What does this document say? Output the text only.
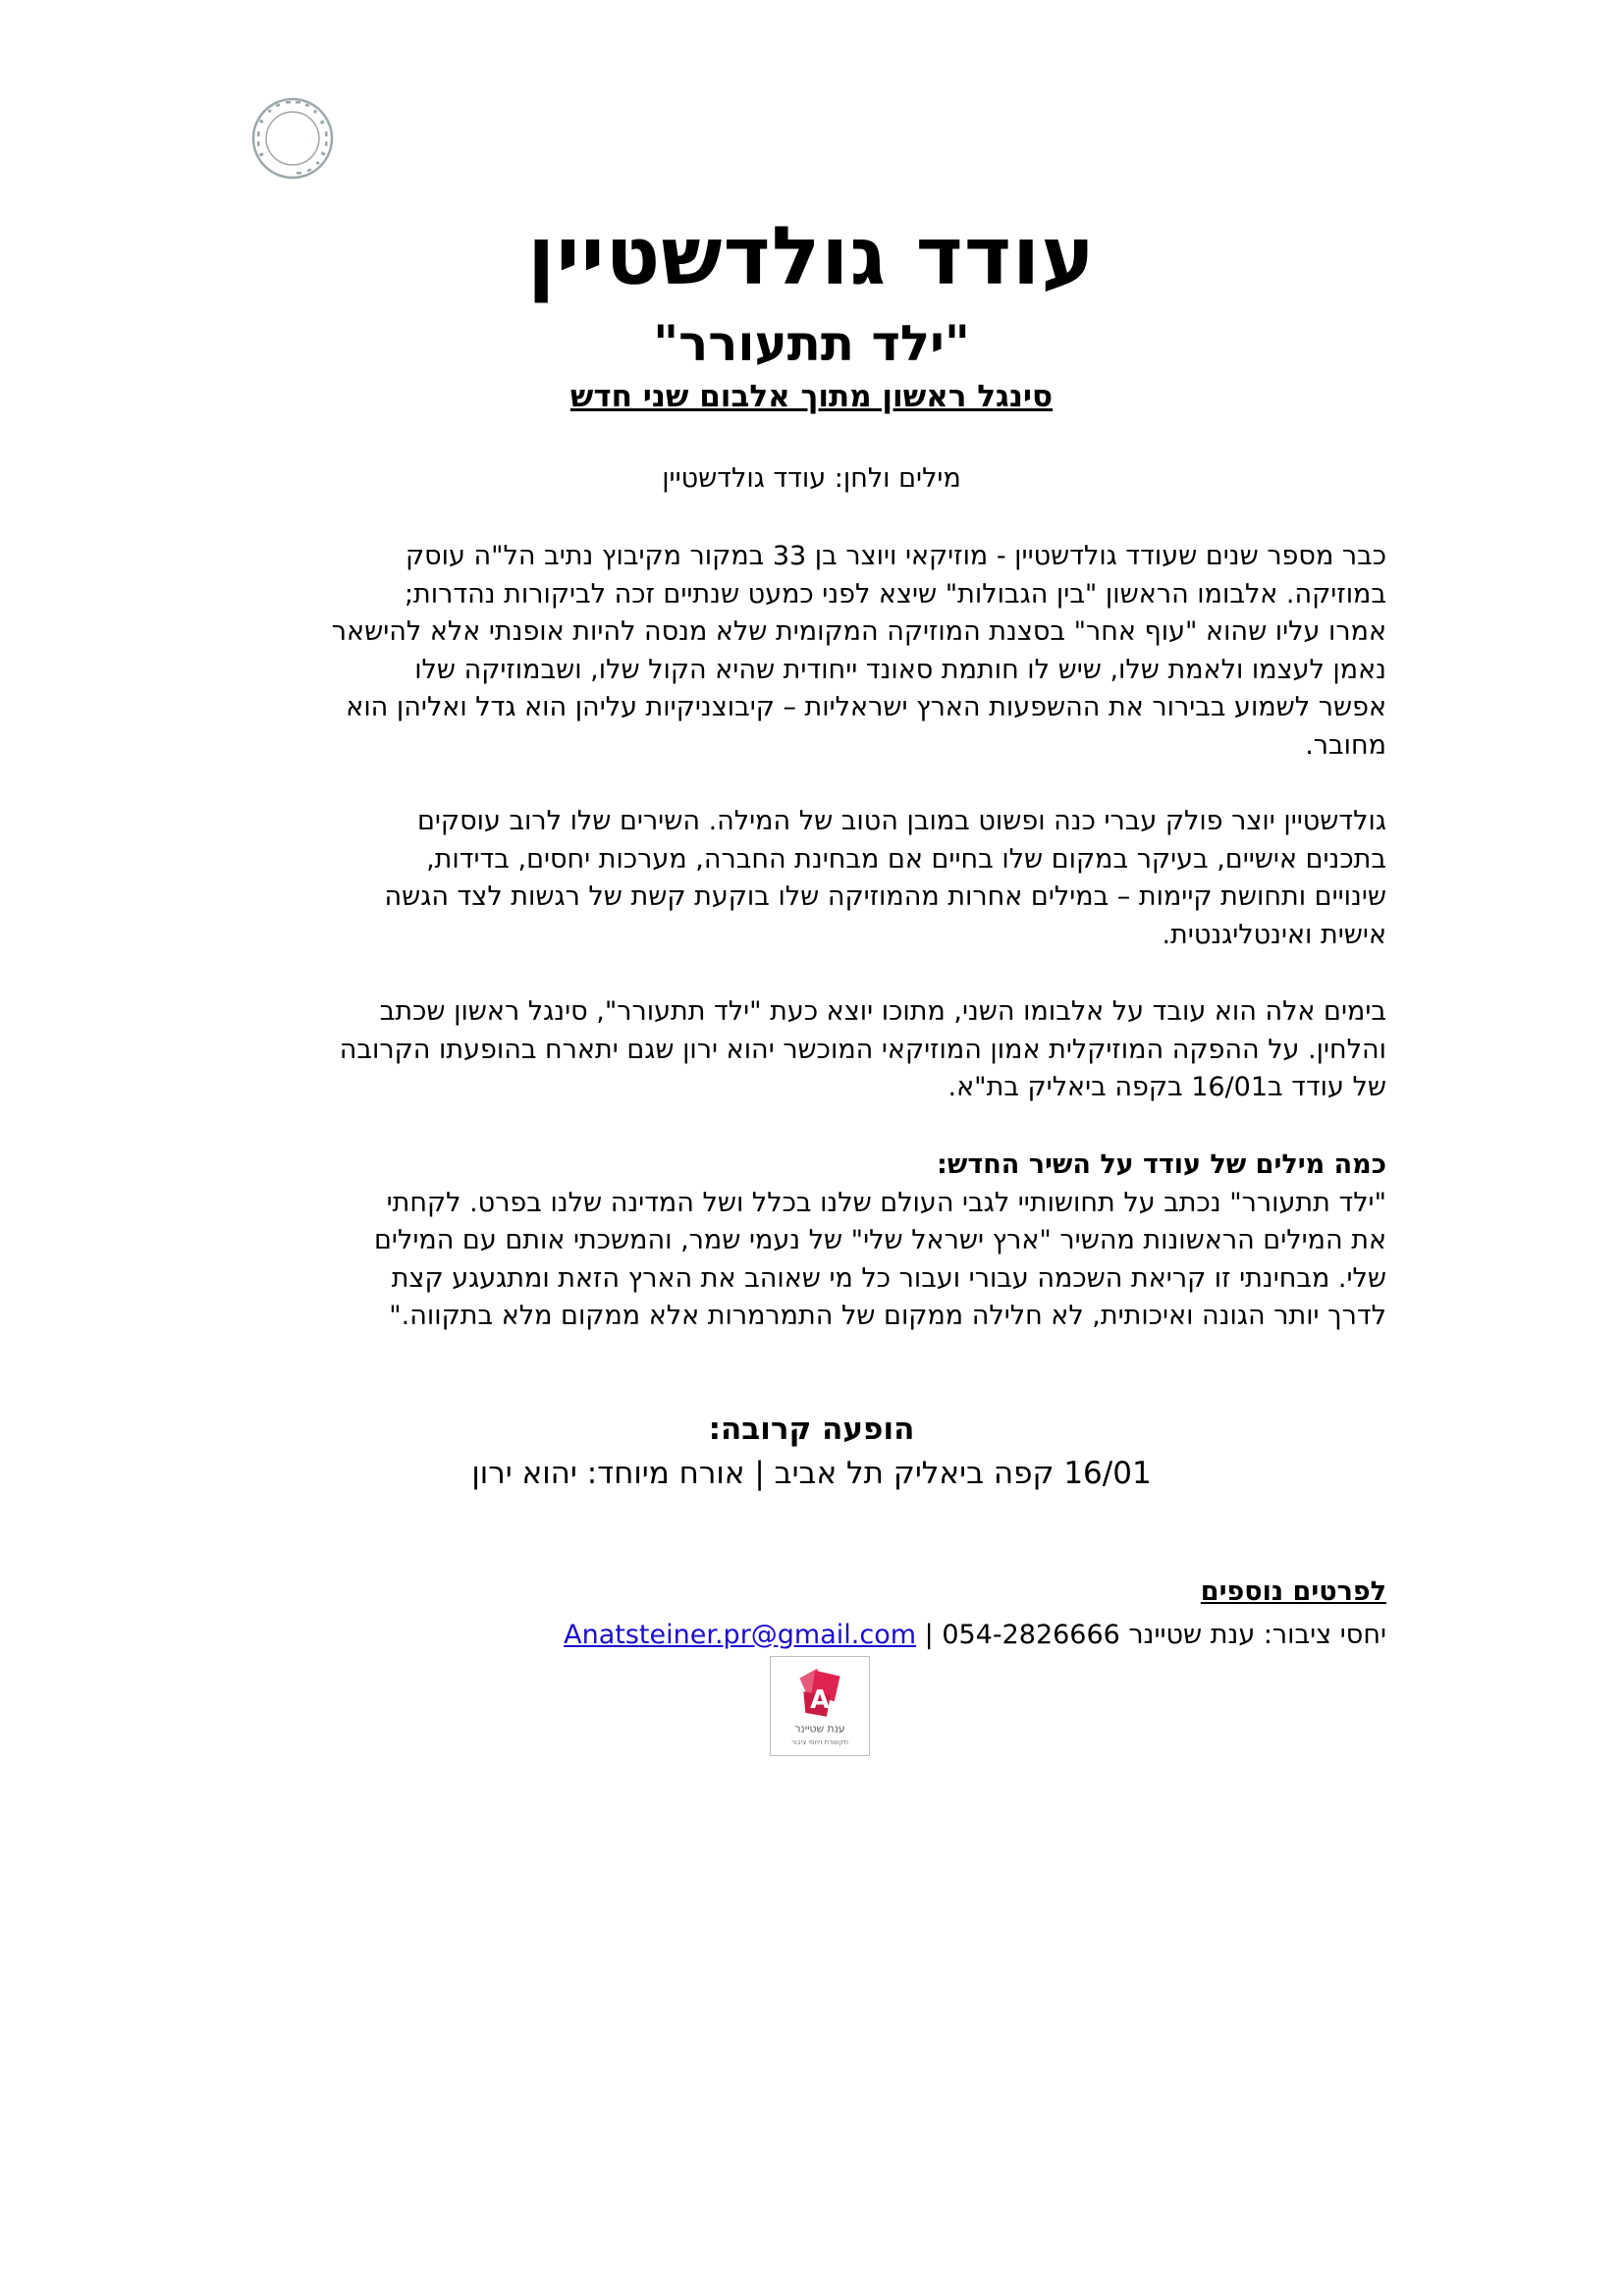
עודד גולדשטיין
"ילד תתעורר"
סינגל ראשון מתוך אלבום שני חדש
מילים ולחן: עודד גולדשטיין
כבר מספר שנים שעודד גולדשטיין - מוזיקאי ויוצר בן 33 במקור מקיבוץ נתיב הל"ה עוסק
במוזיקה. אלבומו הראשון "בין הגבולות" שיצא לפני כמעט שנתיים זכה לביקורות נהדרות;
אמרו עליו שהוא "עוף אחר" בסצנת המוזיקה המקומית שלא מנסה להיות אופנתי אלא להישאר
נאמן לעצמו ולאמת שלו, שיש לו חותמת סאונד ייחודית שהיא הקול שלו, ושבמוזיקה שלו
אפשר לשמוע בבירור את ההשפעות הארץ ישראליות – קיבוצניקיות עליהן הוא גדל ואליהן הוא
מחובר.
גולדשטיין יוצר פולק עברי כנה ופשוט במובן הטוב של המילה. השירים שלו לרוב עוסקים
בתכנים אישיים, בעיקר במקום שלו בחיים אם מבחינת החברה, מערכות יחסים, בדידות,
שינויים ותחושת קיימות – במילים אחרות מהמוזיקה שלו בוקעת קשת של רגשות לצד הגשה
אישית ואינטליגנטית.
בימים אלה הוא עובד על אלבומו השני, מתוכו יוצא כעת "ילד תתעורר", סינגל ראשון שכתב
והלחין. על ההפקה המוזיקלית אמון המוזיקאי המוכשר יהוא ירון שגם יתארח בהופעתו הקרובה
של עודד ב16/01 בקפה ביאליק בת"א.
כמה מילים של עודד על השיר החדש:
"ילד תתעורר" נכתב על תחושותיי לגבי העולם שלנו בכלל ושל המדינה שלנו בפרט. לקחתי
את המילים הראשונות מהשיר "ארץ ישראל שלי" של נעמי שמר, והמשכתי אותם עם המילים
שלי. מבחינתי זו קריאת השכמה עבורי ועבור כל מי שאוהב את הארץ הזאת ומתגעגע קצת
לדרך יותר הגונה ואיכותית, לא חלילה ממקום של התמרמרות אלא ממקום מלא בתקווה."
הופעה קרובה:
16/01 קפה ביאליק תל אביב | אורח מיוחד: יהוא ירון
לפרטים נוספים
יחסי ציבור: ענת שטיינר 054-2826666 | Anatsteiner.pr@gmail.com
A
ענת שטיינר
תקשורת ויחסי ציבור
